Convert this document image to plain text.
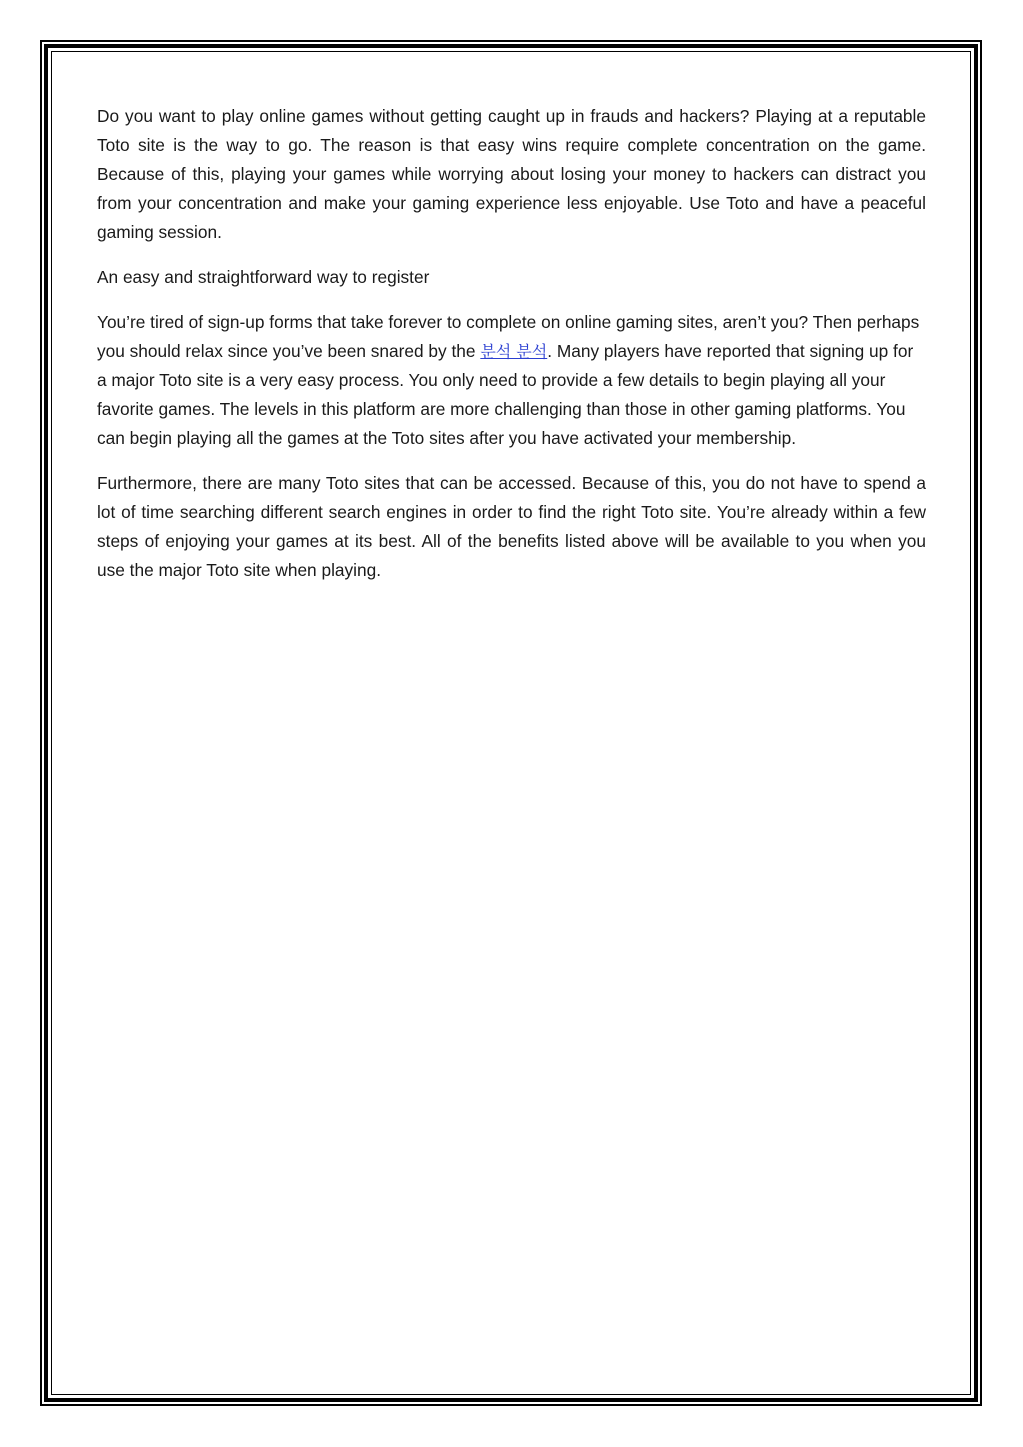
Do you want to play online games without getting caught up in frauds and hackers? Playing at a reputable Toto site is the way to go. The reason is that easy wins require complete concentration on the game. Because of this, playing your games while worrying about losing your money to hackers can distract you from your concentration and make your gaming experience less enjoyable. Use Toto and have a peaceful gaming session.

An easy and straightforward way to register

You’re tired of sign-up forms that take forever to complete on online gaming sites, aren’t you? Then perhaps you should relax since you’ve been snared by the 분석 분석. Many players have reported that signing up for a major Toto site is a very easy process. You only need to provide a few details to begin playing all your favorite games. The levels in this platform are more challenging than those in other gaming platforms. You can begin playing all the games at the Toto sites after you have activated your membership.

Furthermore, there are many Toto sites that can be accessed. Because of this, you do not have to spend a lot of time searching different search engines in order to find the right Toto site. You’re already within a few steps of enjoying your games at its best. All of the benefits listed above will be available to you when you use the major Toto site when playing.
